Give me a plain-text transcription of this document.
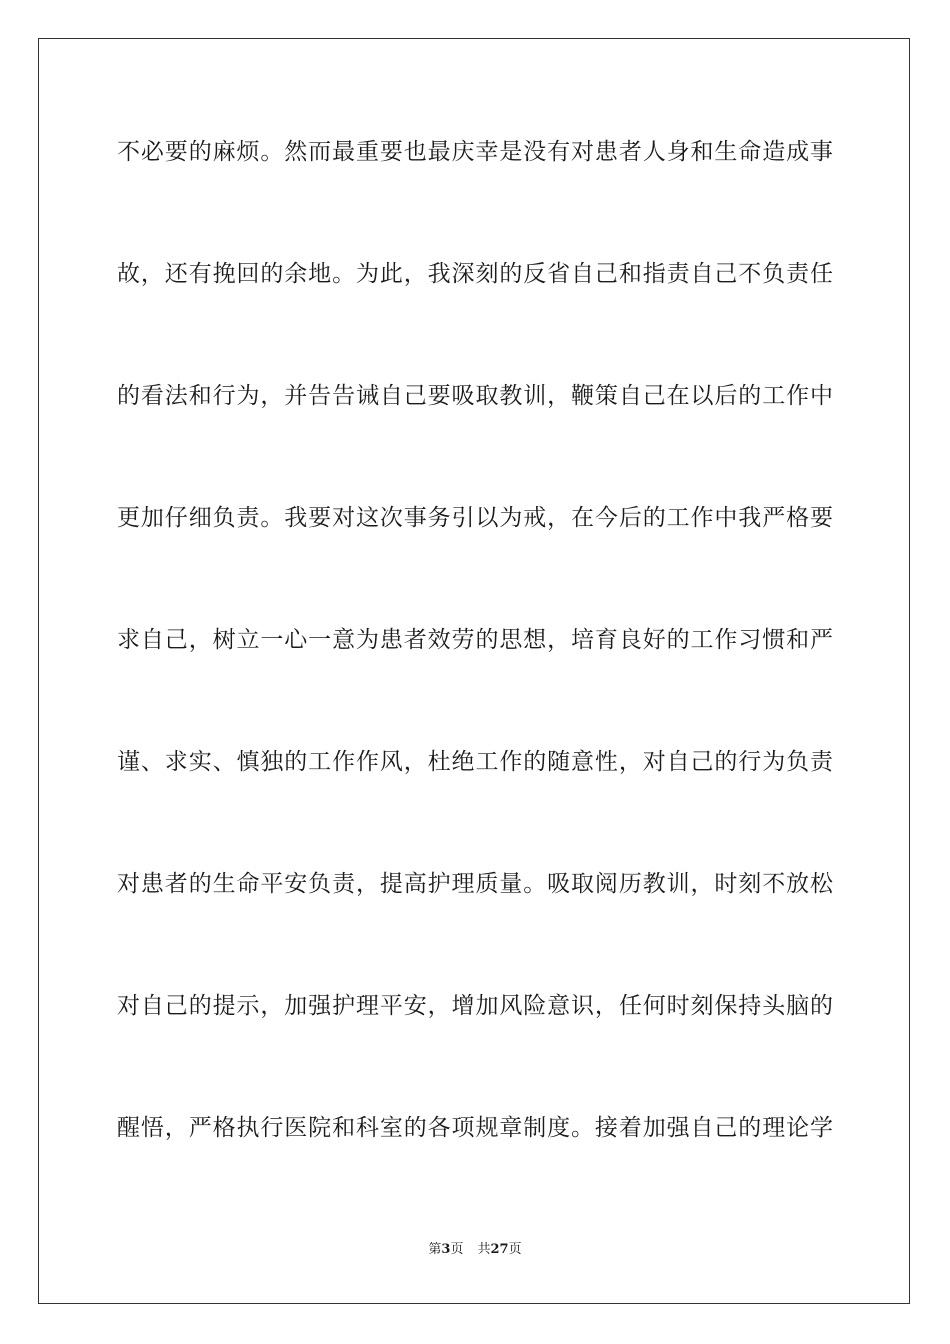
不必要的麻烦。然而最重要也最庆幸是没有对患者人身和生命造成事
故，还有挽回的余地。为此，我深刻的反省自己和指责自己不负责任
的看法和行为，并告告诫自己要吸取教训，鞭策自己在以后的工作中
更加仔细负责。我要对这次事务引以为戒，在今后的工作中我严格要
求自己，树立一心一意为患者效劳的思想，培育良好的工作习惯和严
谨、求实、慎独的工作作风，杜绝工作的随意性，对自己的行为负责
对患者的生命平安负责，提高护理质量。吸取阅历教训，时刻不放松
对自己的提示，加强护理平安，增加风险意识，任何时刻保持头脑的
醒悟，严格执行医院和科室的各项规章制度。接着加强自己的理论学
第3页 共27页
